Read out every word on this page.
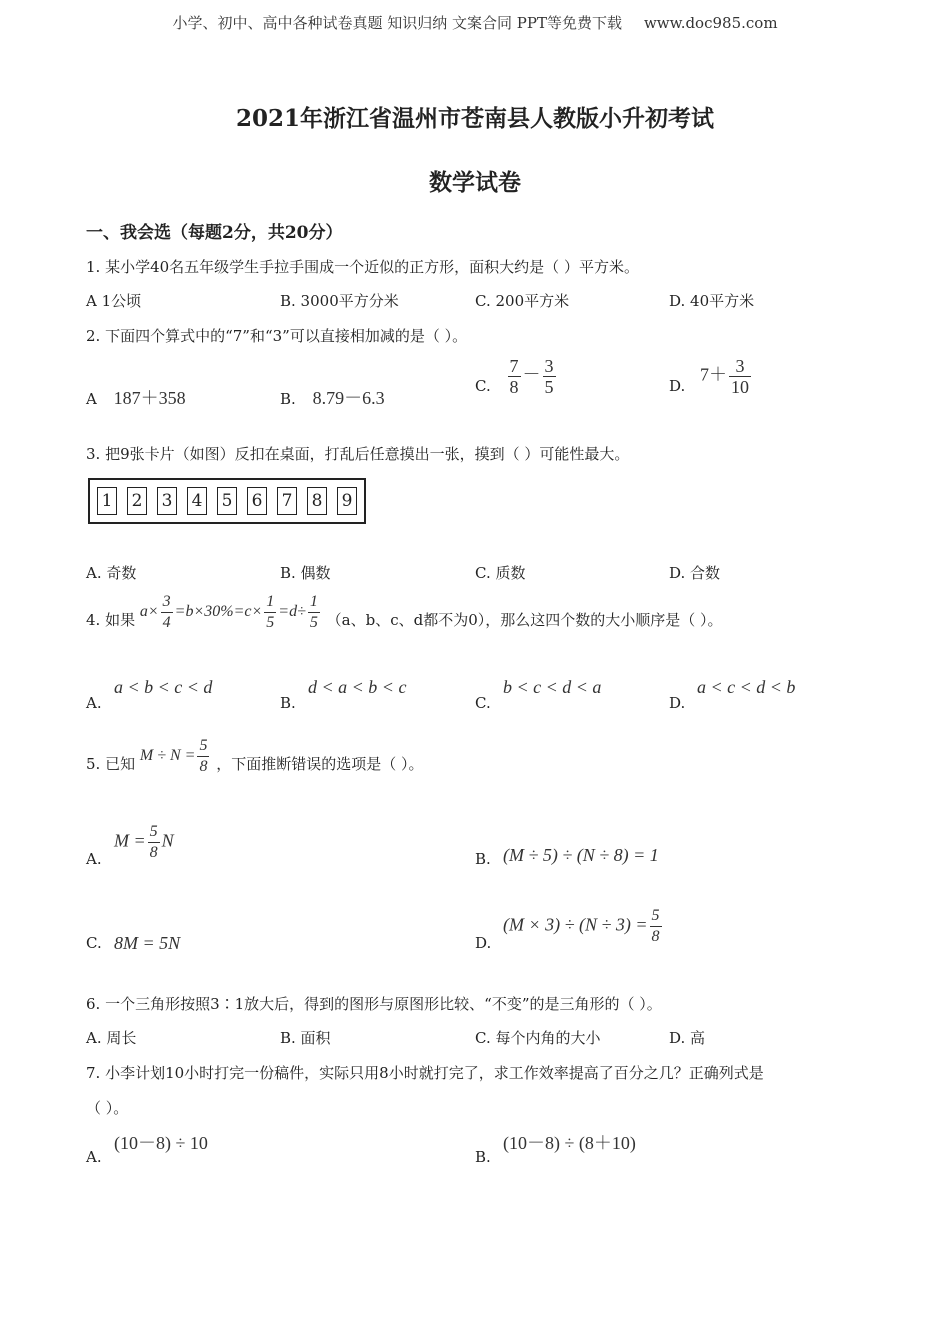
小学、初中、高中各种试卷真题 知识归纳 文案合同 PPT等免费下载 www.doc985.com
2021年浙江省温州市苍南县人教版小升初考试
数学试卷
一、我会选（每题2分，共20分）
1. 某小学40名五年级学生手拉手围成一个近似的正方形，面积大约是（ ）平方米。
A 1公顷	B. 3000平方分米	C. 200平方米	D. 40平方米
2. 下面四个算式中的“7”和“3”可以直接相加减的是（ ）。
A 187＋358	B. 8.79－6.3
C. $\frac{7}{8} - \frac{3}{5}$	D. $7+ \frac{3}{10}$
3. 把9张卡片（如图）反扣在桌面，打乱后任意摸出一张，摸到（ ）可能性最大。
1 2 3 4 5 6 7 8 9
A. 奇数	B. 偶数	C. 质数	D. 合数
4. 如果 $a\times \frac{3}{4} =b\times 30\%=c\times \frac{1}{5} =d\div \frac{1}{5} (a$、b、c、d都不为0），那么这四个数的大小顺序是（ ）。
A.
a < b < c < d
B.
d < a < b < c
C.
b < c < d < a
D.
a < c < d < b
5. 已知 $M \div N = \frac{5}{8}$ ，下面推断错误的选项是（ ）。
A.
$M = \frac{5}{8}$ N
B. (M ÷ 5) ÷ (N ÷ 8) = 1
C. 8M = 5N	D.
$(M \times 3) \div (N \div 3) = \frac{5}{8}$
6. 一个三角形按照3∶1放大后，得到的图形与原图形比较、“不变”的是三角形的（ ）。
A. 周长	B. 面积	C. 每个内角的大小	D. 高
7. 小李计划10小时打完一份稿件，实际只用8小时就打完了，求工作效率提高了百分之几？正确列式是
（ ）。
A.
(10－8) ÷ 10
B.
(10－8) ÷ (8＋10)
